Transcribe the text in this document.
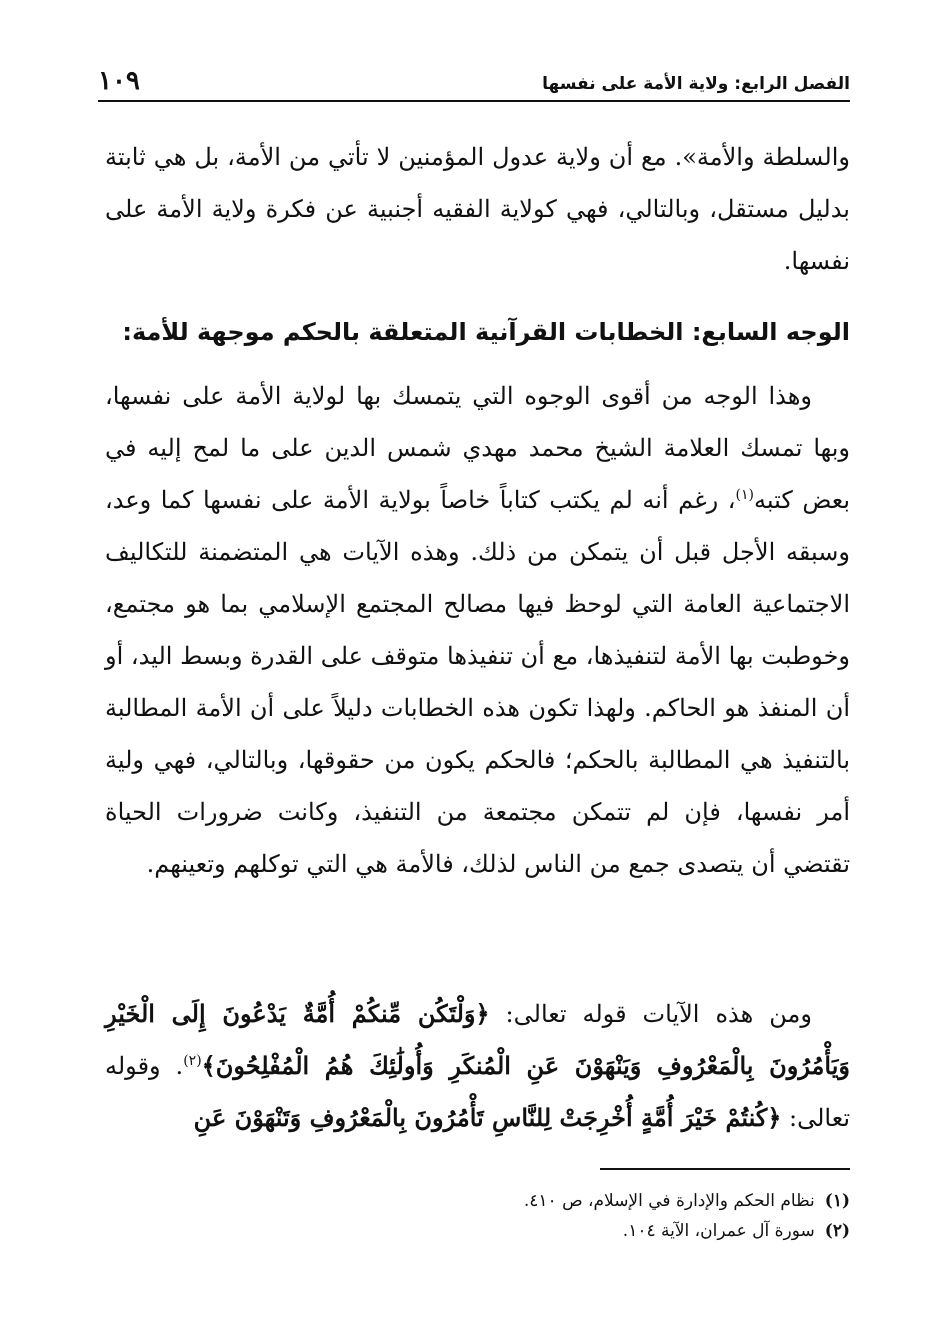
الفصل الرابع: ولاية الأمة على نفسها
١٠٩
والسلطة والأمة». مع أن ولاية عدول المؤمنين لا تأتي من الأمة، بل هي ثابتة بدليل مستقل، وبالتالي، فهي كولاية الفقيه أجنبية عن فكرة ولاية الأمة على نفسها.
الوجه السابع: الخطابات القرآنية المتعلقة بالحكم موجهة للأمة:
وهذا الوجه من أقوى الوجوه التي يتمسك بها لولاية الأمة على نفسها، وبها تمسك العلامة الشيخ محمد مهدي شمس الدين على ما لمح إليه في بعض كتبه$^{(١)}$، رغم أنه لم يكتب كتاباً خاصاً بولاية الأمة على نفسها كما وعد، وسبقه الأجل قبل أن يتمكن من ذلك. وهذه الآيات هي المتضمنة للتكاليف الاجتماعية العامة التي لوحظ فيها مصالح المجتمع الإسلامي بما هو مجتمع، وخوطبت بها الأمة لتنفيذها، مع أن تنفيذها متوقف على القدرة وبسط اليد، أو أن المنفذ هو الحاكم. ولهذا تكون هذه الخطابات دليلاً على أن الأمة المطالبة بالتنفيذ هي المطالبة بالحكم؛ فالحكم يكون من حقوقها، وبالتالي، فهي ولية أمر نفسها، فإن لم تتمكن مجتمعة من التنفيذ، وكانت ضرورات الحياة تقتضي أن يتصدى جمع من الناس لذلك، فالأمة هي التي توكلهم وتعينهم.
ومن هذه الآيات قوله تعالى: ﴿وَلْتَكُن مِّنكُمْ أُمَّةٌ يَدْعُونَ إِلَى الْخَيْرِ وَيَأْمُرُونَ بِالْمَعْرُوفِ وَيَنْهَوْنَ عَنِ الْمُنكَرِ وَأُولَٰئِكَ هُمُ الْمُفْلِحُونَ﴾$^{(٢)}$. وقوله تعالى: ﴿كُنتُمْ خَيْرَ أُمَّةٍ أُخْرِجَتْ لِلنَّاسِ تَأْمُرُونَ بِالْمَعْرُوفِ وَتَنْهَوْنَ عَنِ
(١)نظام الحكم والإدارة في الإسلام، ص ٤١٠.
(٢)سورة آل عمران، الآية ١٠٤.
